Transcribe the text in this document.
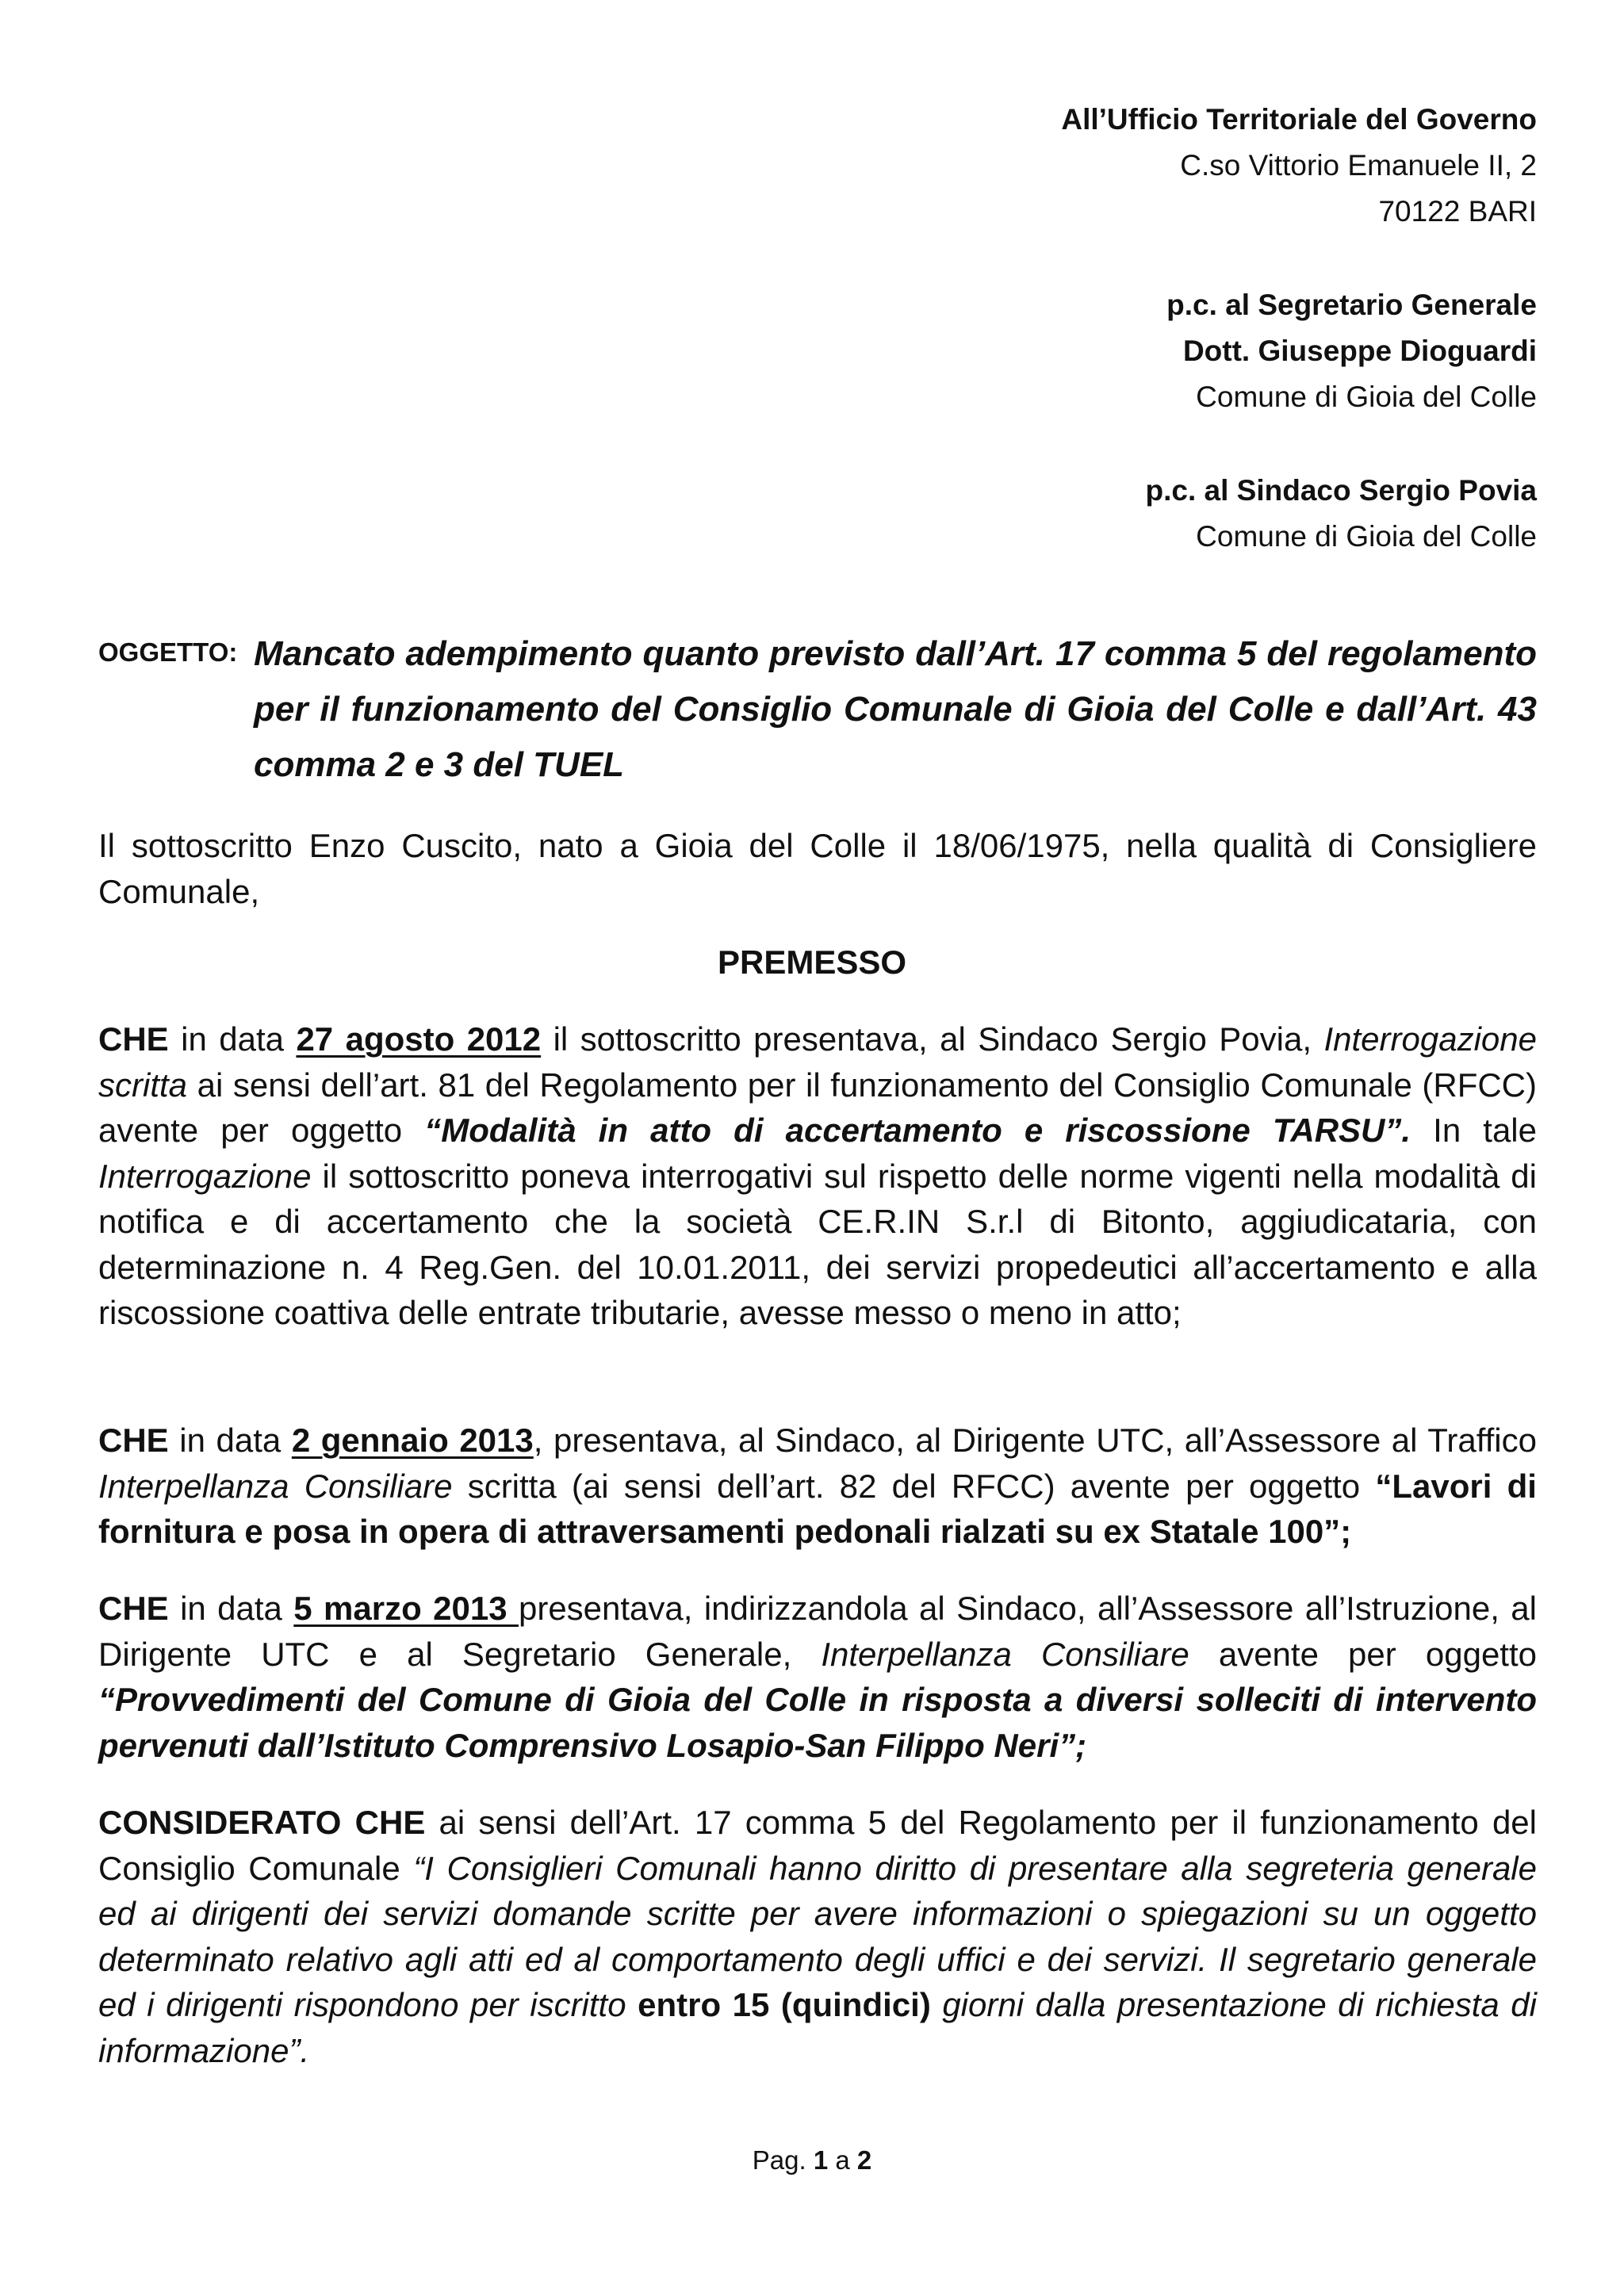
All’Ufficio Territoriale del Governo
C.so Vittorio Emanuele II, 2
70122 BARI
p.c. al Segretario Generale
Dott. Giuseppe Dioguardi
Comune di Gioia del Colle
p.c. al Sindaco Sergio Povia
Comune di Gioia del Colle
OGGETTO: Mancato adempimento quanto previsto dall’Art. 17 comma 5 del regolamento per il funzionamento del Consiglio Comunale di Gioia del Colle e dall’Art. 43 comma 2 e 3 del TUEL
Il sottoscritto Enzo Cuscito, nato a Gioia del Colle il 18/06/1975, nella qualità di Consigliere Comunale,
PREMESSO
CHE in data 27 agosto 2012 il sottoscritto presentava, al Sindaco Sergio Povia, Interrogazione scritta ai sensi dell’art. 81 del Regolamento per il funzionamento del Consiglio Comunale (RFCC) avente per oggetto “Modalità in atto di accertamento e riscossione TARSU”. In tale Interrogazione il sottoscritto poneva interrogativi sul rispetto delle norme vigenti nella modalità di notifica e di accertamento che la società CE.R.IN S.r.l di Bitonto, aggiudicataria, con determinazione n. 4 Reg.Gen. del 10.01.2011, dei servizi propedeutici all’accertamento e alla riscossione coattiva delle entrate tributarie, avesse messo o meno in atto;
CHE in data 2 gennaio 2013, presentava, al Sindaco, al Dirigente UTC, all’Assessore al Traffico Interpellanza Consiliare scritta (ai sensi dell’art. 82 del RFCC) avente per oggetto “Lavori di fornitura e posa in opera di attraversamenti pedonali rialzati su ex Statale 100”;
CHE in data 5 marzo 2013 presentava, indirizzandola al Sindaco, all’Assessore all’Istruzione, al Dirigente UTC e al Segretario Generale, Interpellanza Consiliare avente per oggetto “Provvedimenti del Comune di Gioia del Colle in risposta a diversi solleciti di intervento pervenuti dall’Istituto Comprensivo Losapio-San Filippo Neri”;
CONSIDERATO CHE ai sensi dell’Art. 17 comma 5 del Regolamento per il funzionamento del Consiglio Comunale “I Consiglieri Comunali hanno diritto di presentare alla segreteria generale ed ai dirigenti dei servizi domande scritte per avere informazioni o spiegazioni su un oggetto determinato relativo agli atti ed al comportamento degli uffici e dei servizi. Il segretario generale ed i dirigenti rispondono per iscritto entro 15 (quindici) giorni dalla presentazione di richiesta di informazione”.
Pag. 1 a 2
